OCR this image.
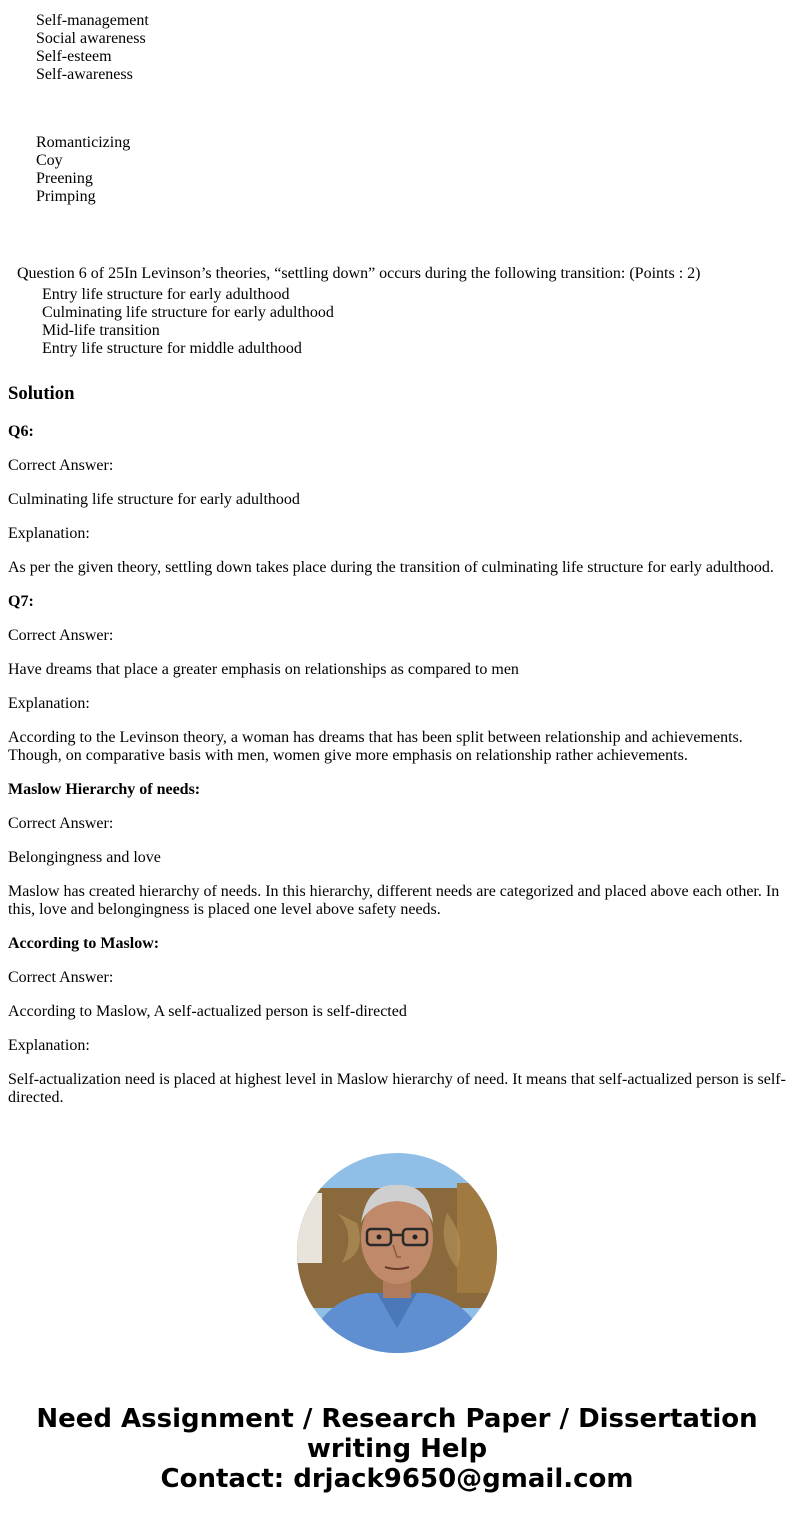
Self-management
Social awareness
Self-esteem
Self-awareness
Romanticizing
Coy
Preening
Primping
Question 6 of 25In Levinson’s theories, “settling down” occurs during the following transition: (Points : 2)
Entry life structure for early adulthood
Culminating life structure for early adulthood
Mid-life transition
Entry life structure for middle adulthood
Solution

Q6:

Correct Answer:

Culminating life structure for early adulthood

Explanation:

As per the given theory, settling down takes place during the transition of culminating life structure for early adulthood.

Q7:

Correct Answer:

Have dreams that place a greater emphasis on relationships as compared to men

Explanation:

According to the Levinson theory, a woman has dreams that has been split between relationship and achievements. Though, on comparative basis with men, women give more emphasis on relationship rather achievements.

Maslow Hierarchy of needs:

Correct Answer:

Belongingness and love

Maslow has created hierarchy of needs. In this hierarchy, different needs are categorized and placed above each other. In this, love and belongingness is placed one level above safety needs.

According to Maslow:

Correct Answer:

According to Maslow, A self-actualized person is self-directed

Explanation:

Self-actualization need is placed at highest level in Maslow hierarchy of need. It means that self-actualized person is self-directed.

Need Assignment / Research Paper / Dissertation
writing Help
Contact: drjack9650@gmail.com
